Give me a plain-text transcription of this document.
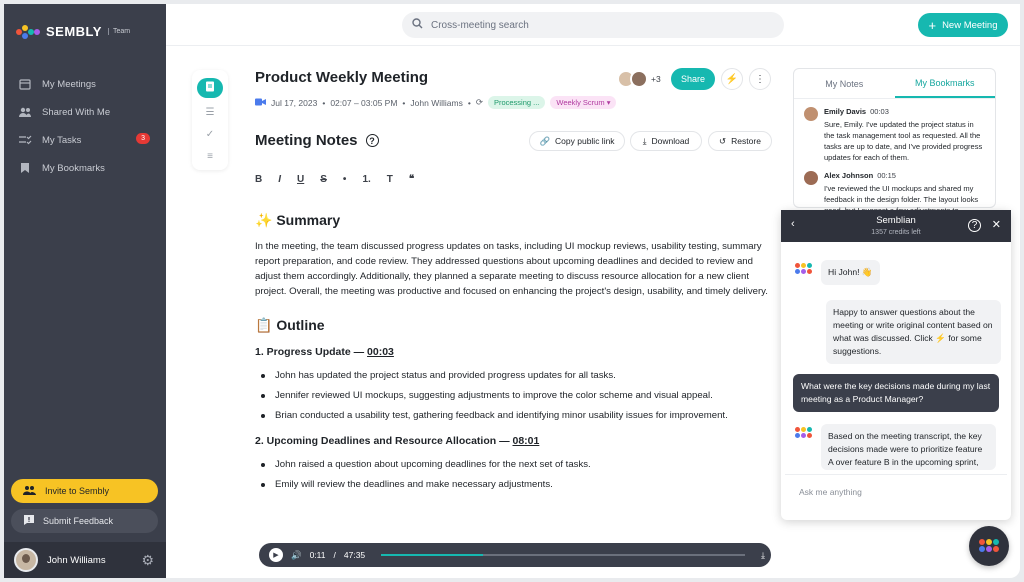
SEMBLY	Team
My Meetings
Shared With Me
My Tasks	3
My Bookmarks
Invite to Sembly
Submit Feedback
John Williams	⚙
Cross-meeting search	+ New Meeting
☰
✓
≡
Product Weekly Meeting
Jul 17, 2023 • 02:07 – 03:05 PM • John Williams • ⟳	Processing ...	Weekly Scrum ▾
+3	Share	⚡ ⋮
Meeting Notes	?	🔗 Copy public link	⤓ Download	↺ Restore
B I U S • 1. T ❝
✨ Summary
In the meeting, the team discussed progress updates on tasks, including UI mockup reviews, usability testing, summary report preparation, and code review. They addressed questions about upcoming deadlines and decided to review and adjust them accordingly. Additionally, they planned a separate meeting to discuss resource allocation for a new client project. Overall, the meeting was productive and focused on enhancing the project's design, usability, and timely delivery.
📋 Outline
1. Progress Update — 00:03
John has updated the project status and provided progress updates for all tasks.
Jennifer reviewed UI mockups, suggesting adjustments to improve the color scheme and visual appeal.
Brian conducted a usability test, gathering feedback and identifying minor usability issues for improvement.
2. Upcoming Deadlines and Resource Allocation — 08:01
John raised a question about upcoming deadlines for the next set of tasks.
Emily will review the deadlines and make necessary adjustments.
▶ 🔊 0:11 / 47:35	⤓
My Notes	My Bookmarks
Emily Davis 00:03
Sure, Emily. I've updated the project status in the task management tool as requested. All the tasks are up to date, and I've provided progress updates for each of them.
Alex Johnson 00:15
I've reviewed the UI mockups and shared my feedback in the design folder. The layout looks
‹	Semblian
1357 credits left
?	✕
Hi John! 👋
Happy to answer questions about the meeting or write original content based on what was discussed. Click ⚡ for some suggestions.
What were the key decisions made during my last meeting as a Product Manager?
Based on the meeting transcript, the key decisions made were to prioritize feature A over feature B in the upcoming sprint,
Ask me anything
